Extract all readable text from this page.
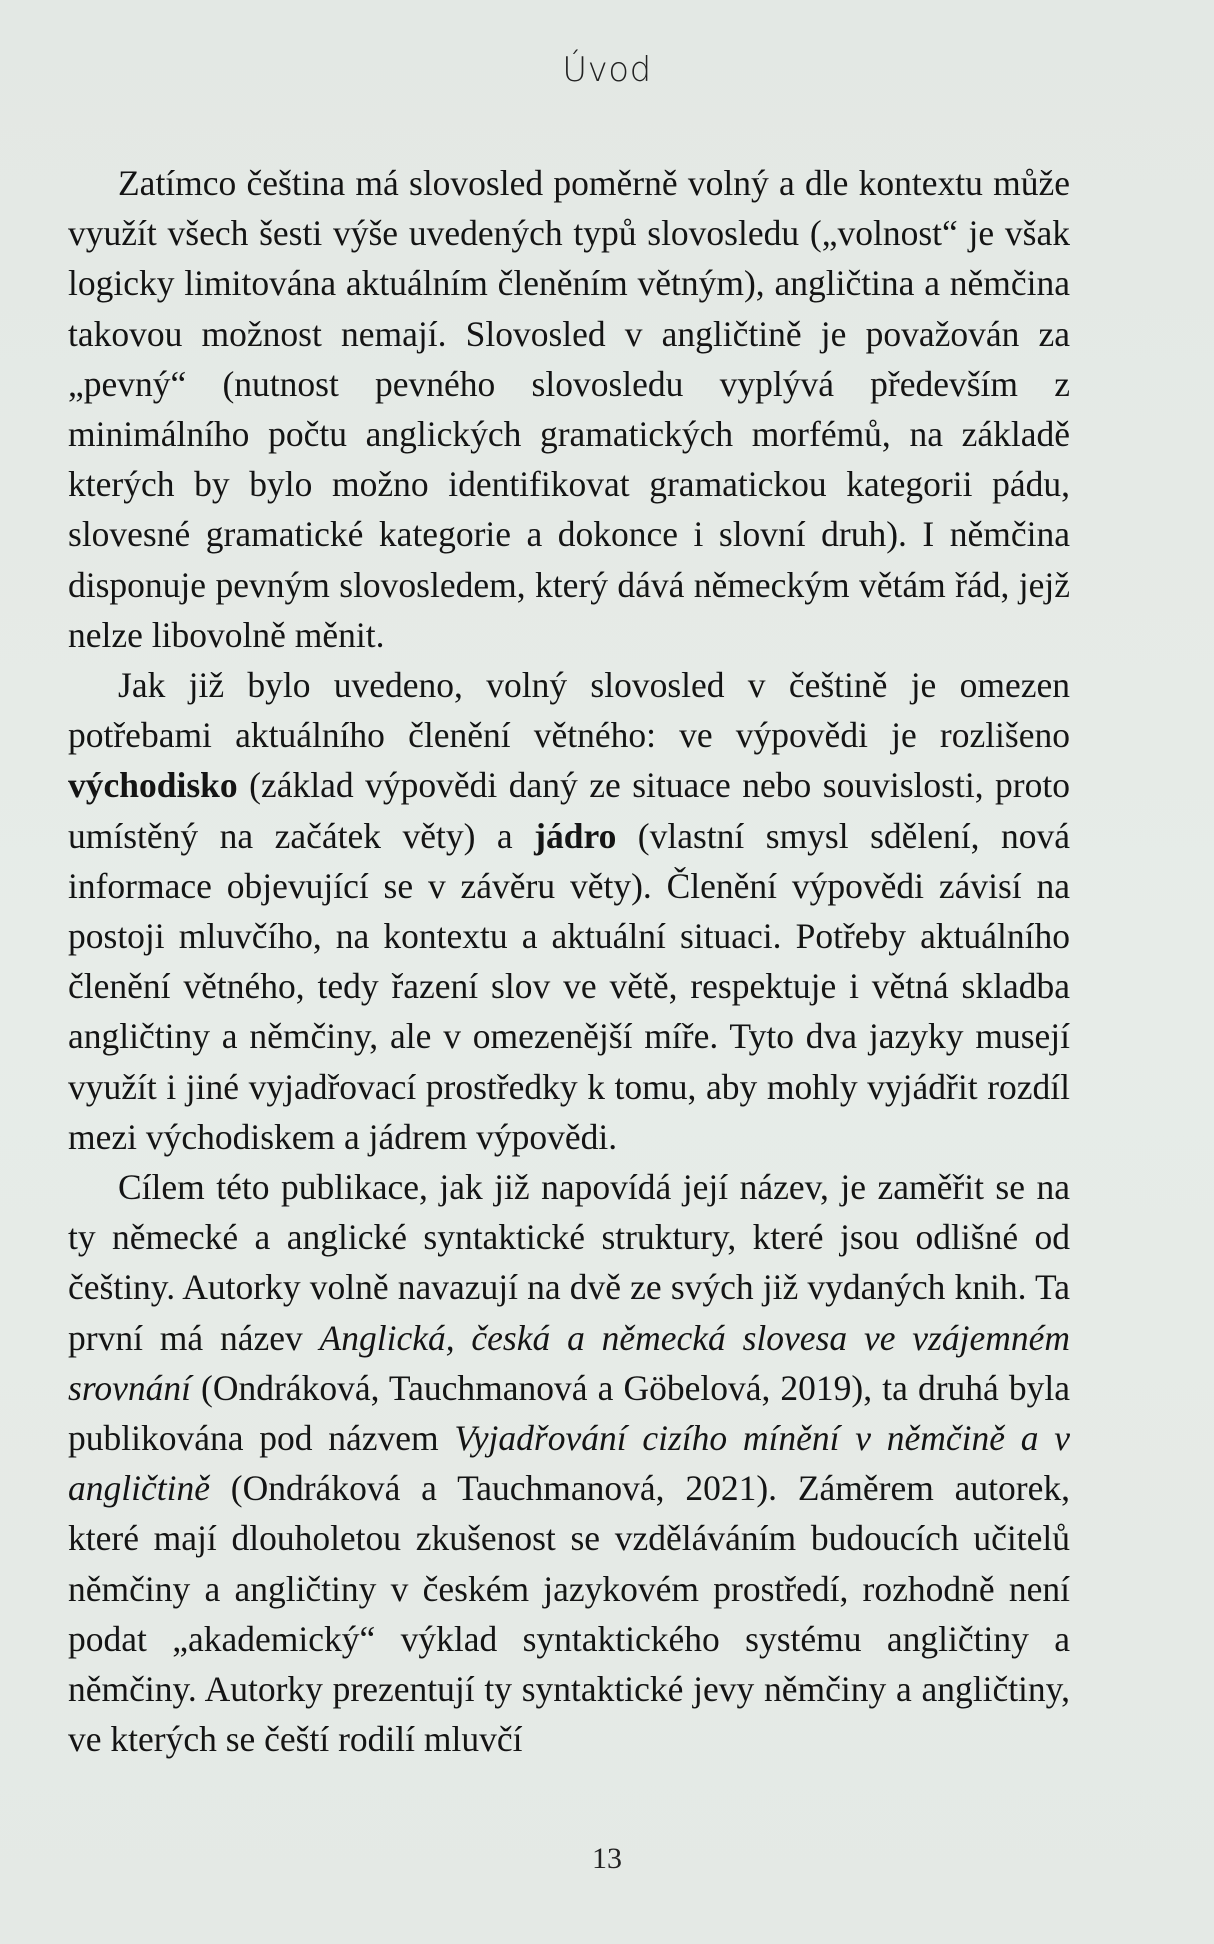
Úvod

Zatímco čeština má slovosled poměrně volný a dle kontextu může využít všech šesti výše uvedených typů slovosledu („volnost“ je však logicky limitována aktuálním členěním větným), angličtina a němčina takovou možnost nemají. Slovosled v angličtině je považován za „pevný“ (nutnost pevného slovosledu vyplývá především z minimálního počtu anglických gramatických morfémů, na základě kterých by bylo možno identifikovat gramatickou kategorii pádu, slovesné gramatické kategorie a dokonce i slovní druh). I němčina disponuje pevným slovosledem, který dává německým větám řád, jejž nelze libovolně měnit.

Jak již bylo uvedeno, volný slovosled v češtině je omezen potřebami aktuálního členění větného: ve výpovědi je rozlišeno východisko (základ výpovědi daný ze situace nebo souvislosti, proto umístěný na začátek věty) a jádro (vlastní smysl sdělení, nová informace objevující se v závěru věty). Členění výpovědi závisí na postoji mluvčího, na kontextu a aktuální situaci. Potřeby aktuálního členění větného, tedy řazení slov ve větě, respektuje i větná skladba angličtiny a němčiny, ale v omezenější míře. Tyto dva jazyky musejí využít i jiné vyjadřovací prostředky k tomu, aby mohly vyjádřit rozdíl mezi východiskem a jádrem výpovědi.

Cílem této publikace, jak již napovídá její název, je zaměřit se na ty německé a anglické syntaktické struktury, které jsou odlišné od češtiny. Autorky volně navazují na dvě ze svých již vydaných knih. Ta první má název Anglická, česká a německá slovesa ve vzájemném srovnání (Ondráková, Tauchmanová a Göbelová, 2019), ta druhá byla publikována pod názvem Vyjadřování cizího mínění v němčině a v angličtině (Ondráková a Tauchmanová, 2021). Záměrem autorek, které mají dlouholetou zkušenost se vzděláváním budoucích učitelů němčiny a angličtiny v českém jazykovém prostředí, rozhodně není podat „akademický“ výklad syntaktického systému angličtiny a němčiny. Autorky prezentují ty syntaktické jevy němčiny a angličtiny, ve kterých se čeští rodilí mluvčí

13
